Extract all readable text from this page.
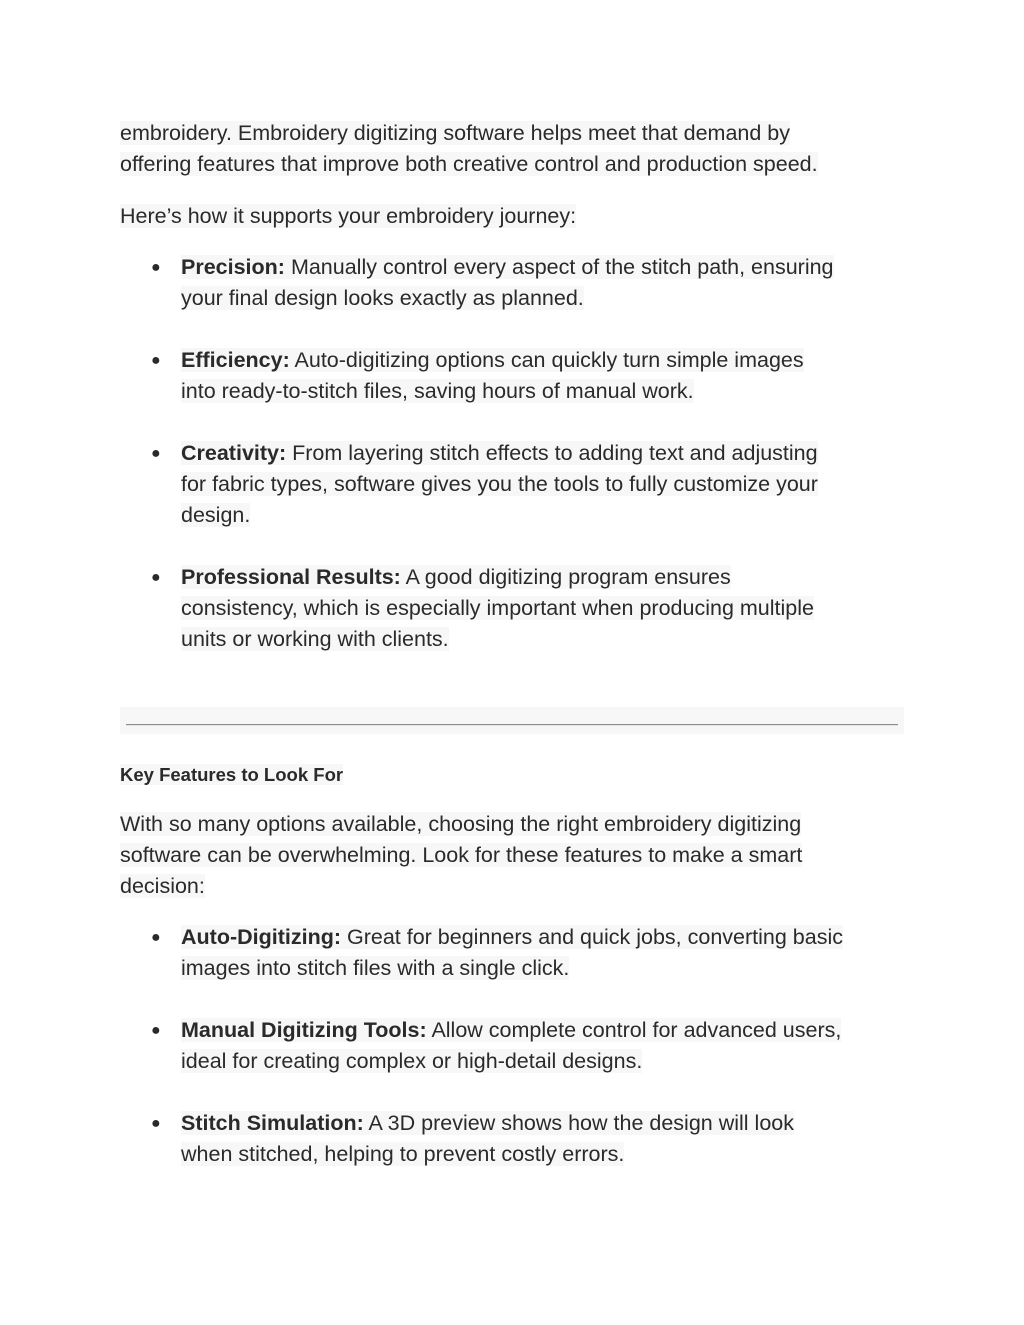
embroidery. Embroidery digitizing software helps meet that demand by
offering features that improve both creative control and production speed.

Here’s how it supports your embroidery journey:

● Precision: Manually control every aspect of the stitch path, ensuring
your final design looks exactly as planned.
● Efficiency: Auto-digitizing options can quickly turn simple images
into ready-to-stitch files, saving hours of manual work.
● Creativity: From layering stitch effects to adding text and adjusting
for fabric types, software gives you the tools to fully customize your
design.
● Professional Results: A good digitizing program ensures
consistency, which is especially important when producing multiple
units or working with clients.
Key Features to Look For

With so many options available, choosing the right embroidery digitizing
software can be overwhelming. Look for these features to make a smart
decision:

● Auto-Digitizing: Great for beginners and quick jobs, converting basic
images into stitch files with a single click.
● Manual Digitizing Tools: Allow complete control for advanced users,
ideal for creating complex or high-detail designs.
● Stitch Simulation: A 3D preview shows how the design will look
when stitched, helping to prevent costly errors.
